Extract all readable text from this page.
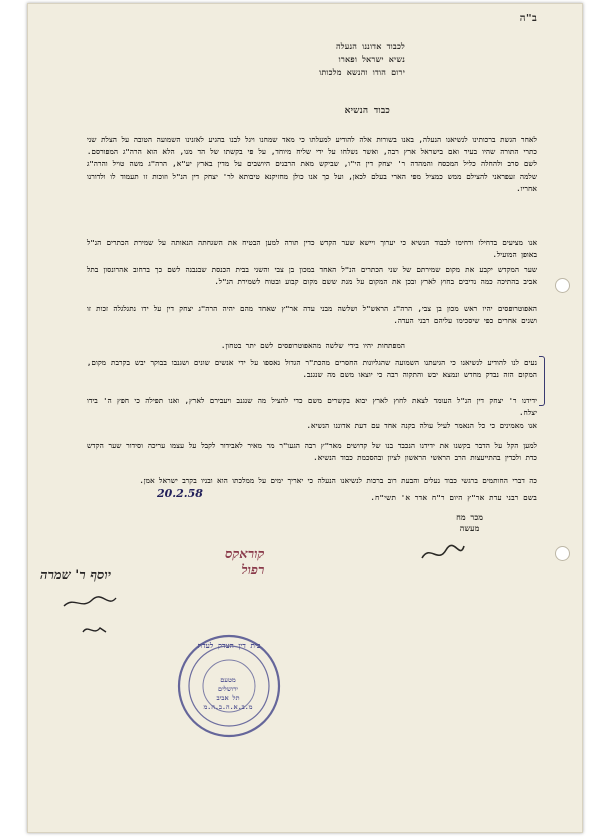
ב"ה
לכבוד אדוננו הנעלה
נשיא ישראל ופארו
ירום הודו והנשא מלכותו
כבוד הנשיא
לאחר הגשת ברכותינו לנשיאנו הנעלה, באנו בשורות אלה להודיע למעלתו כי מאד שמחנו ויגל לבנו בהגיע לאזנינו השמועה הטובה על הצלת שני כתרי התורה שהיו בעיר ואם בישראל ארץ רבה, ואשר נשלחו על ידי שליח מיוחד, על פי בקשתו של הד מנו, הלא הוא הרה"ג המפורסם. לשם סרב ולהחלה כליל המכסח והמהדה ר' יצחק דין הי"ו, שביקש מאת הרבנים היושבים על מדין בארץ יע"א, הרה"ג משה טויל והרה"ג שלמה זעפראני להצילם ממש כמציל מפי הארי בעלם לכאן, ועל כך אנו כולן מחזיקנא טיבותא לר' יצחק דין הנ"ל וזוכות זו תעמוד לו ולדורנו אחריו.
אנו מציעים בדחילו ורחימו לכבוד הנשיא כי יערוך ויישא שער הקדש כדין תורה למען הבטיח את השגחתה הנאותה על שמירת הכתרים הנ"ל באופן המועיל.
שער המקדש יקבע את מקום שמירתם של שני הכתרים הנ"ל האחד במכון בן צבי והשני בבית הכנסת שבנבנה לשם כך ברחוב אהרונסון בתל אביב בהתיכה כמה נדיבים בחוץ לארץ ובכן את המקום על מנת ששם מקום קבוע ובטוח לשמירת הנ"ל.
האפוטרופסים יהיו ראש מכון בן צבי, הרה"ג הראש"ל ושלשה מבני עדה אר"ץ שאחד מהם יהיה הרה"ג יצחק דין על ידו נתגלגלה זכות זו ושנים אחרים כפי שיסכימו עליהם רבני העדה.
המפתחות יהיו בידי שלשה מהאפוטרופסים לשם יתר בטחון.
נעים לנו להודיע לנשיאנו כי הגיעתנו השמועה שהגליונות החסרים מהכת"ר הגדול נאספו על ידי אנשים שונים ושגנבו בבוקר יבש בקרבת מקום, המקום הזה נבדק מחדש ונמצא יבש והתקוה רבה כי יוצאו משם מה שנגנב.
ידידנו ר' יצחק דין הנ"ל העומד לצאת לחוץ לארץ יבוא בקשרים משם כדי להציל מה שנגנב ויעבירם לארץ, ואנו תפילה כי חפץ ה' בידו יצלח.
אנו מאמינים כי כל הנאמר לעיל עולה בקנה אחד עם דעת אדוננו הנשיא.
למען הקל על הדבר בקשנו את ידידנו הנכבד בנו של קדושים מאר"ץ רבה הגעו"ר מר מאיר לאבידור לקבל על עצמו עריכה וסידור שער הקדש כדת ולכדין בהתייעצות הרב הראשי הראשון לציון ובהסכמת כבוד הנשיא.
כה דברי החותמים ברגשי כבוד נעלים והבעת רוב ברכות לנשיאנו הנעלה כי יאריך ימים על ממלכתו הוא ובניו בקרב ישראל אמן.
בשם רבני עדת אר"ץ היום ר"ח אדר א' תשי"ח.
20.2.58
מכר מח
מעשה
קוראקס
רפול
יוסף ר' שמרה
בית דין הצדק לעדת
מטעם
ירושלים
תל אביב
מ.ב.א.ה.ב.ה.מ
